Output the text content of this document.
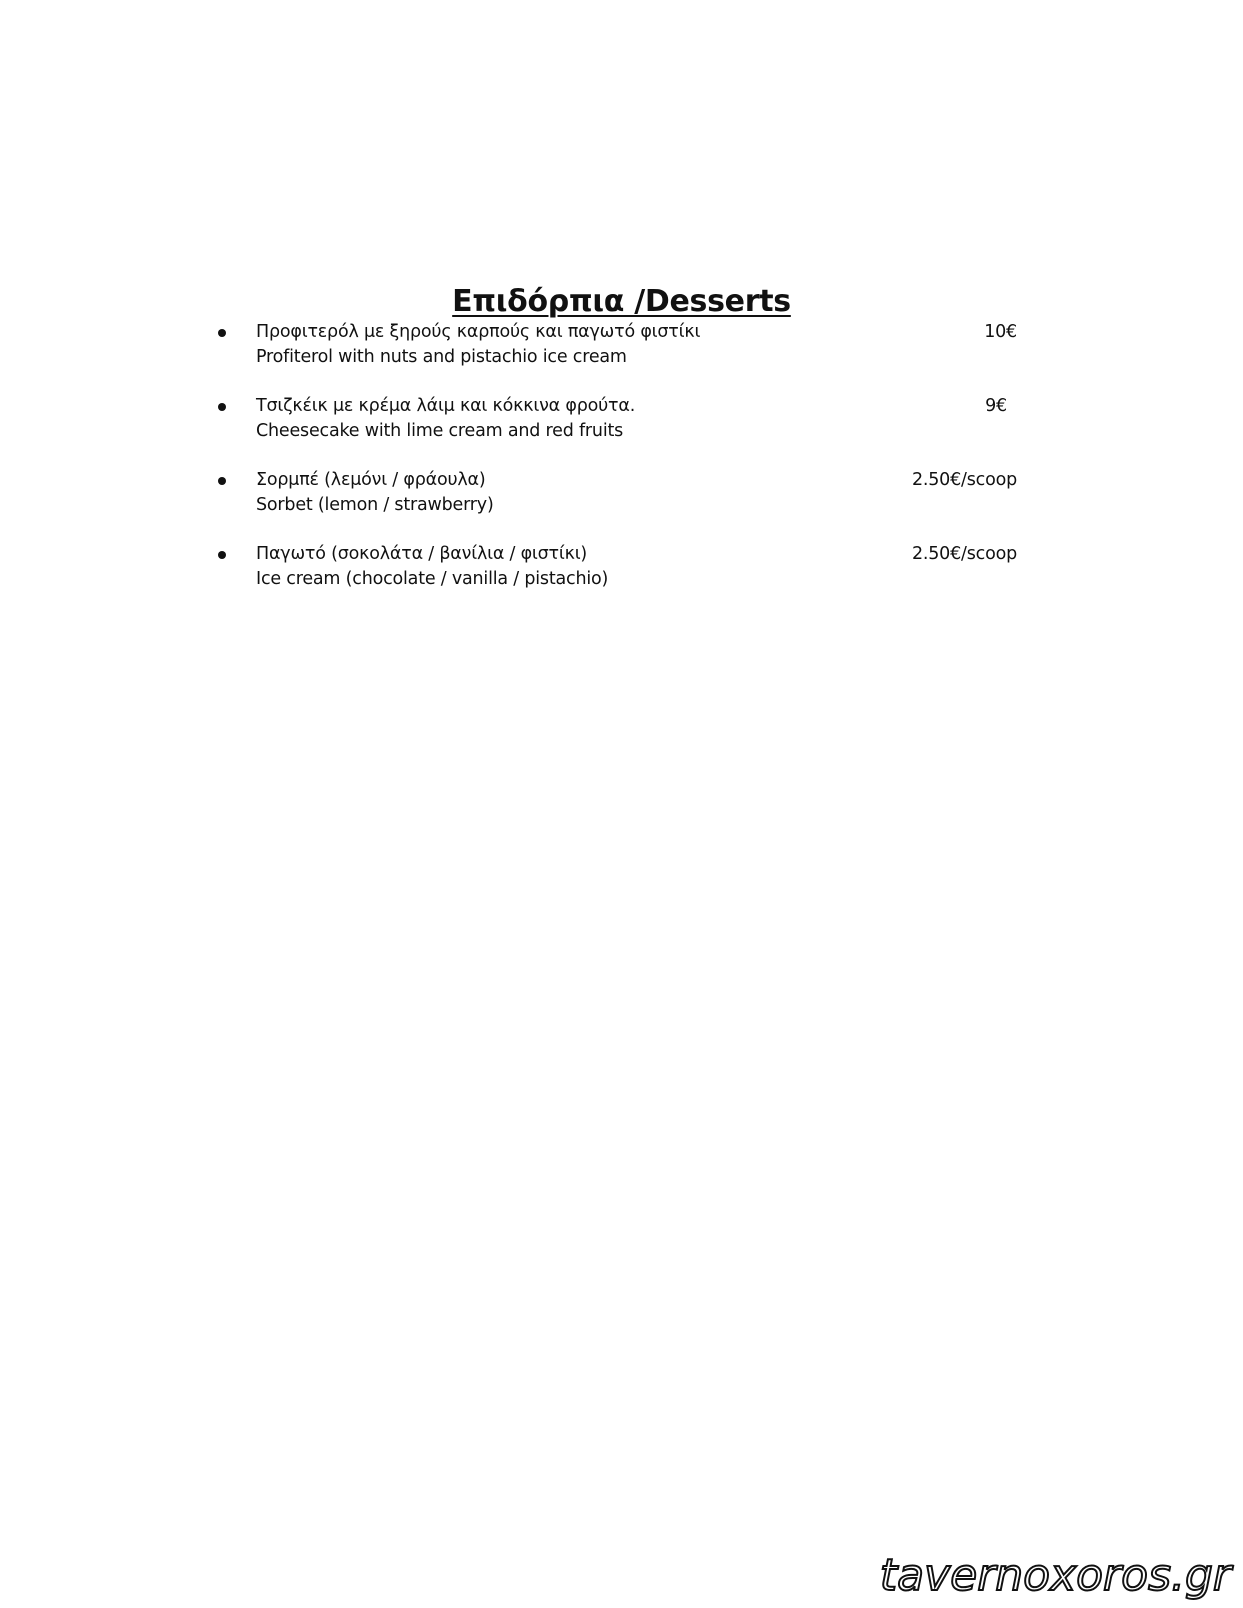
Επιδόρπια /Desserts
Προφιτερόλ με ξηρούς καρπούς και παγωτό φιστίκι
Profiterol with nuts and pistachio ice cream
10€
Τσιζκέικ με κρέμα λάιμ και κόκκινα φρούτα.
Cheesecake with lime cream and red fruits
9€
Σορμπέ (λεμόνι / φράουλα)
Sorbet (lemon / strawberry)
2.50€/scoop
Παγωτό (σοκολάτα / βανίλια / φιστίκι)
Ice cream (chocolate / vanilla / pistachio)
2.50€/scoop
tavernoxoros.gr
